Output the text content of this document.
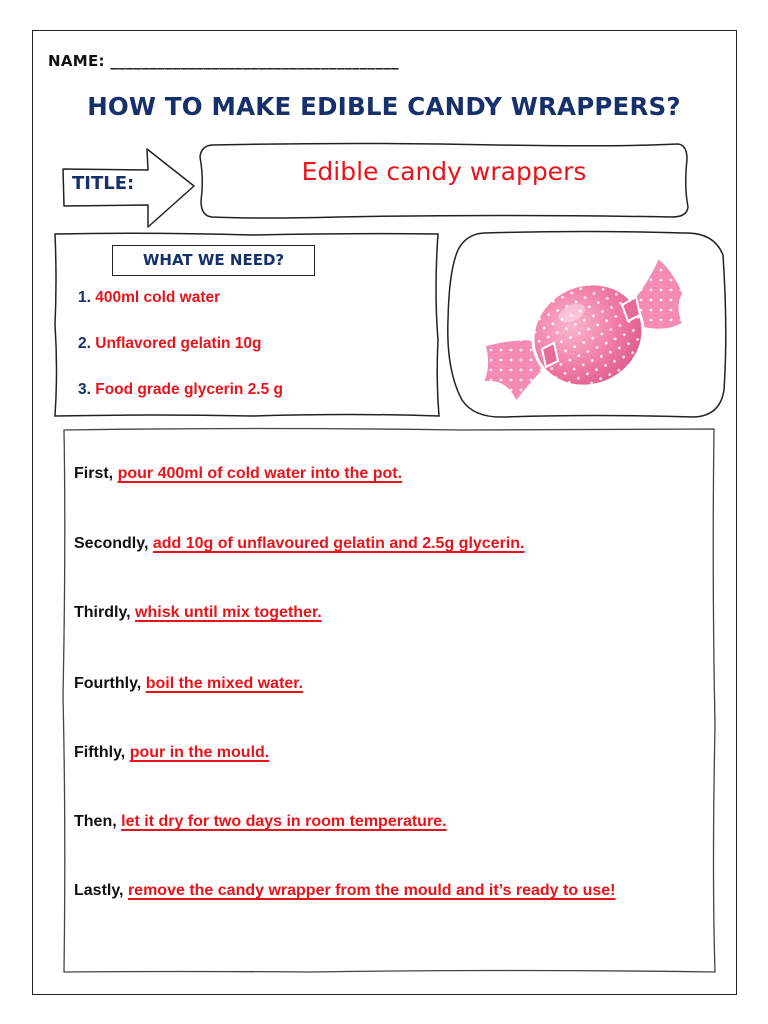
NAME: _____________________________________
HOW TO MAKE EDIBLE CANDY WRAPPERS?
TITLE:	Edible candy wrappers
WHAT WE NEED?
1. 400ml cold water
2. Unflavored gelatin 10g
3. Food grade glycerin 2.5 g
First, pour 400ml of cold water into the pot.
Secondly, add 10g of unflavoured gelatin and 2.5g glycerin.
Thirdly, whisk until mix together.
Fourthly, boil the mixed water.
Fifthly, pour in the mould.
Then, let it dry for two days in room temperature.
Lastly, remove the candy wrapper from the mould and it’s ready to use!
